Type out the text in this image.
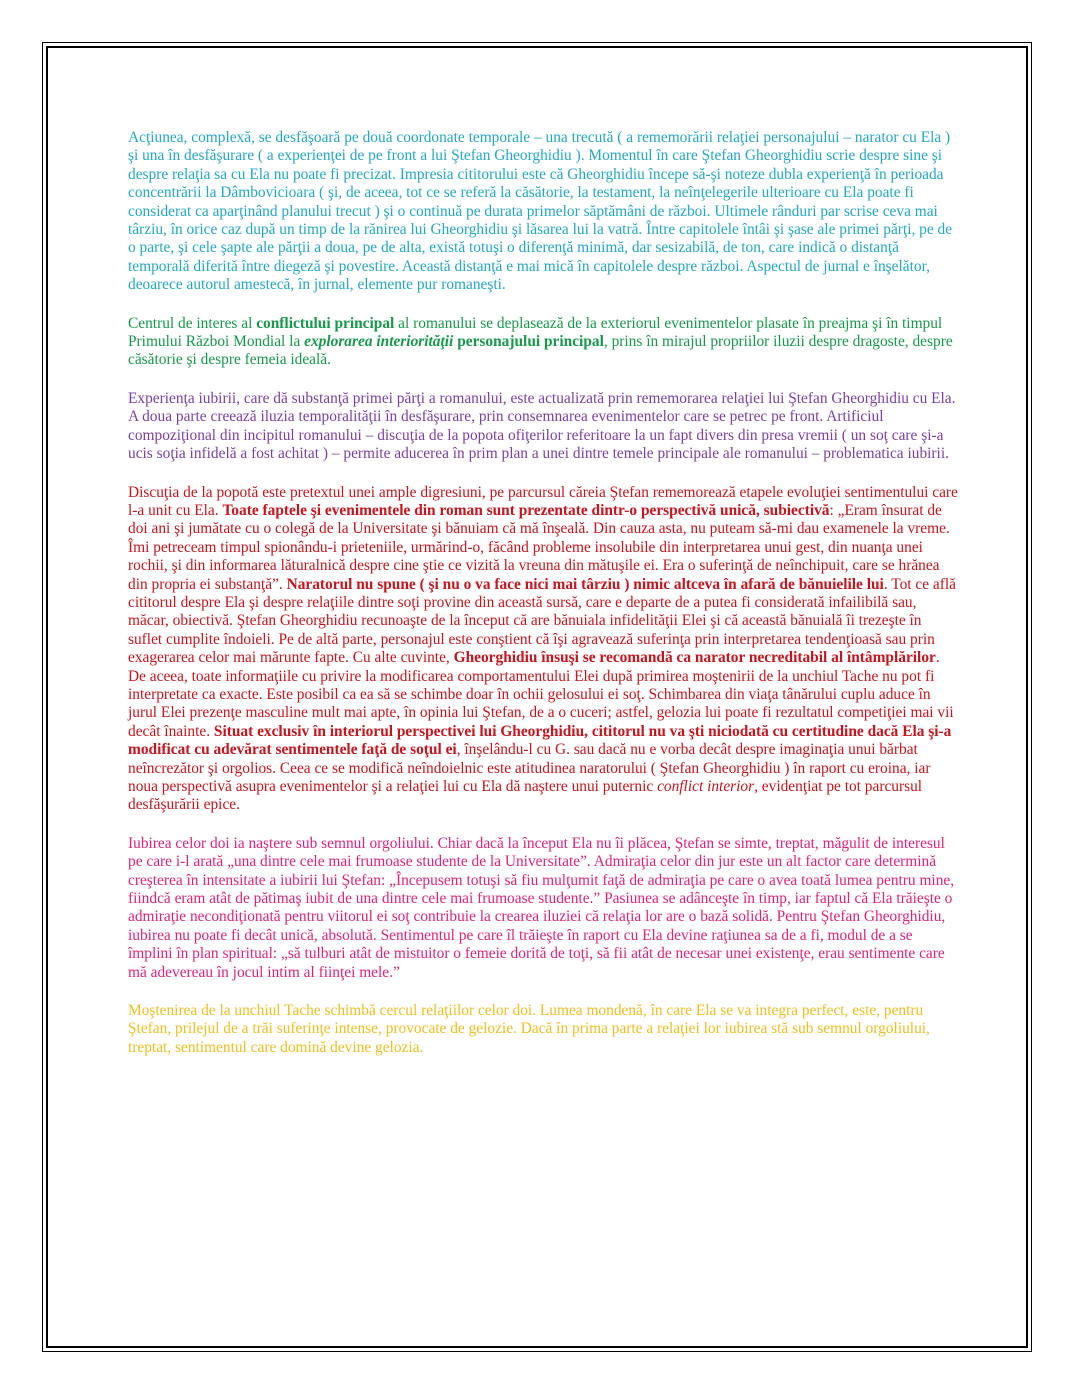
Acţiunea, complexă, se desfăşoară pe două coordonate temporale – una trecută ( a rememorării relaţiei personajului – narator cu Ela ) şi una în desfăşurare ( a experienţei de pe front a lui Ştefan Gheorghidiu ). Momentul în care Ştefan Gheorghidiu scrie despre sine şi despre relaţia sa cu Ela nu poate fi precizat. Impresia cititorului este că Gheorghidiu începe să-şi noteze dubla experienţă în perioada concentrării la Dâmbovicioara ( şi, de aceea, tot ce se referă la căsătorie, la testament, la neînţelegerile ulterioare cu Ela poate fi considerat ca aparţinând planului trecut ) şi o continuă pe durata primelor săptămâni de război. Ultimele rânduri par scrise ceva mai târziu, în orice caz după un timp de la rănirea lui Gheorghidiu şi lăsarea lui la vatră. Între capitolele întâi şi şase ale primei părţi, pe de o parte, şi cele şapte ale părţii a doua, pe de alta, există totuşi o diferenţă minimă, dar sesizabilă, de ton, care indică o distanţă temporală diferită între diegeză şi povestire. Această distanţă e mai mică în capitolele despre război. Aspectul de jurnal e înşelător, deoarece autorul amestecă, în jurnal, elemente pur romaneşti.

Centrul de interes al conflictului principal al romanului se deplasează de la exteriorul evenimentelor plasate în preajma şi în timpul Primului Război Mondial la explorarea interiorităţii personajului principal, prins în mirajul propriilor iluzii despre dragoste, despre căsătorie şi despre femeia ideală.

Experienţa iubirii, care dă substanţă primei părţi a romanului, este actualizată prin rememorarea relaţiei lui Ştefan Gheorghidiu cu Ela. A doua parte creează iluzia temporalităţii în desfăşurare, prin consemnarea evenimentelor care se petrec pe front. Artificiul compoziţional din incipitul romanului – discuţia de la popota ofiţerilor referitoare la un fapt divers din presa vremii ( un soţ care şi-a ucis soţia infidelă a fost achitat ) – permite aducerea în prim plan a unei dintre temele principale ale romanului – problematica iubirii.

Discuţia de la popotă este pretextul unei ample digresiuni, pe parcursul căreia Ştefan rememorează etapele evoluţiei sentimentului care l-a unit cu Ela. Toate faptele şi evenimentele din roman sunt prezentate dintr-o perspectivă unică, subiectivă: „Eram însurat de doi ani şi jumătate cu o colegă de la Universitate şi bănuiam că mă înşeală. Din cauza asta, nu puteam să-mi dau examenele la vreme. Îmi petreceam timpul spionându-i prieteniile, urmărind-o, făcând probleme insolubile din interpretarea unui gest, din nuanţa unei rochii, şi din informarea lăturalnică despre cine ştie ce vizită la vreuna din mătuşile ei. Era o suferinţă de neînchipuit, care se hrănea din propria ei substanţă”. Naratorul nu spune ( şi nu o va face nici mai târziu ) nimic altceva în afară de bănuielile lui. Tot ce află cititorul despre Ela şi despre relaţiile dintre soţi provine din această sursă, care e departe de a putea fi considerată infailibilă sau, măcar, obiectivă. Ştefan Gheorghidiu recunoaşte de la început că are bănuiala infidelităţii Elei şi că această bănuială îi trezeşte în suflet cumplite îndoieli. Pe de altă parte, personajul este conştient că îşi agravează suferinţa prin interpretarea tendenţioasă sau prin exagerarea celor mai mărunte fapte. Cu alte cuvinte, Gheorghidiu însuşi se recomandă ca narator necreditabil al întâmplărilor. De aceea, toate informaţiile cu privire la modificarea comportamentului Elei după primirea moştenirii de la unchiul Tache nu pot fi interpretate ca exacte. Este posibil ca ea să se schimbe doar în ochii gelosului ei soţ. Schimbarea din viaţa tânărului cuplu aduce în jurul Elei prezenţe masculine mult mai apte, în opinia lui Ştefan, de a o cuceri; astfel, gelozia lui poate fi rezultatul competiţiei mai vii decât înainte. Situat exclusiv în interiorul perspectivei lui Gheorghidiu, cititorul nu va şti niciodată cu certitudine dacă Ela şi-a modificat cu adevărat sentimentele faţă de soţul ei, înşelându-l cu G. sau dacă nu e vorba decât despre imaginaţia unui bărbat neîncrezător şi orgolios. Ceea ce se modifică neîndoielnic este atitudinea naratorului ( Ştefan Gheorghidiu ) în raport cu eroina, iar noua perspectivă asupra evenimentelor şi a relaţiei lui cu Ela dă naştere unui puternic conflict interior, evidenţiat pe tot parcursul desfăşurării epice.

Iubirea celor doi ia naştere sub semnul orgoliului. Chiar dacă la început Ela nu îi plăcea, Ştefan se simte, treptat, măgulit de interesul pe care i-l arată „una dintre cele mai frumoase studente de la Universitate”. Admiraţia celor din jur este un alt factor care determină creşterea în intensitate a iubirii lui Ştefan: „Începusem totuşi să fiu mulţumit faţă de admiraţia pe care o avea toată lumea pentru mine, fiindcă eram atât de pătimaş iubit de una dintre cele mai frumoase studente.” Pasiunea se adânceşte în timp, iar faptul că Ela trăieşte o admiraţie necondiţionată pentru viitorul ei soţ contribuie la crearea iluziei că relaţia lor are o bază solidă. Pentru Ştefan Gheorghidiu, iubirea nu poate fi decât unică, absolută. Sentimentul pe care îl trăieşte în raport cu Ela devine raţiunea sa de a fi, modul de a se împlini în plan spiritual: „să tulburi atât de mistuitor o femeie dorită de toţi, să fii atât de necesar unei existenţe, erau sentimente care mă adevereau în jocul intim al fiinţei mele.”

Moştenirea de la unchiul Tache schimbă cercul relaţiilor celor doi. Lumea mondenă, în care Ela se va integra perfect, este, pentru Ştefan, prilejul de a trăi suferinţe intense, provocate de gelozie. Dacă în prima parte a relaţiei lor iubirea stă sub semnul orgoliului, treptat, sentimentul care domină devine gelozia.
